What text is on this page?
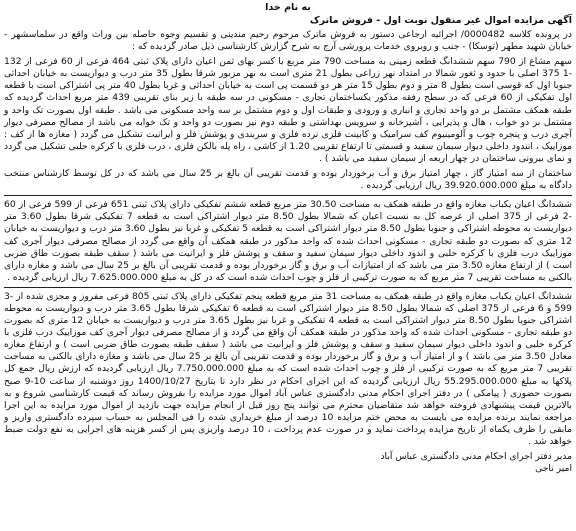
به نام خدا
آگهی مزایده اموال غیر منقول نوبت اول - فروش ماترک

در پرونده کلاسه 0000482/ اجرائیه ارجاعی دستور به فروش ماترک مرحوم رحیم مندینی و تقسیم وجوه حاصله بین وراث واقع در سلماسشهر - خیابان شهید مطهر (توسکا) - جنب و روبروی خدمات پرورشی آرج به شرح گزارش کارشناسی ذیل صادر گردیده که :

سهم مشاع از 790 سهم ششدانگ قطعه زمینی به مساحت 790 متر مربع با کسر بهای ثمن اعیان دارای پلاک ثبتی 464 فرعی از 60 فرعی از 132 -1 375 اصلی با حدود و ثغور شمالا در امتداد نهر زراعی بطول 21 متری است به نهر مزبور شرقا بطول 35 متر درب و دیواریست به خیابان احداثی جنوبا اول که قوسی است بطول 8 متر و دوم بطول 15 متر هر دو قسمت پی است به خیابان احداثی و غربا بطول 40 متر پی اشتراکی است با قطعه اول تفکیکی از 60 فرعی که در سطح رفقه مذکور یکساختمان تجاری - مسکونی در سه طبقه با زیر بنای تقریبی 439 متر مربع احداث گردیده که طبقه همکف مشتمل بر دو واحد تجاری و انباری و ورودی و طبقات اول و دوم مشتمل بر سه واحد مسکونی می باشد . طبقه اول بصورت تک واحد و مشتمل بر دو خواب ، هال و پذیرایی ، آشپزخانه و سرویس بهداشتی و طبقه دوم نیز بصورت دو واحد و تک خوابه می باشد از مصالح مصرفی دیوار آجری درب و پنجره چوب و آلومینیوم کف سرامیک و کابینت فلزی نرده فلزی و سربندی و پوشش فلز و ایرانیت تشکیل می گردد ( مغازه ها از کف : موزاییک ، انندود داخلی دیوار سیمان سفید و قسمتی تا ارتفاع تقریبی 1.20 از کاشی ، راه پله بالکن فلزی ، درب فلزی با کرکره حلبی تشکیل می گردد و نمای بیرونی ساختمان در چهار اربعه از سیمان سفید می باشد ) .

ساختمان از سه امتیاز گاز ، چهار امتیاز برق و آب برخوردار بوده و قدمت تقریبی آن بالغ بر 25 سال می باشد که در کل توسط کارشناس منتخب دادگاه به مبلغ 39.920.000.000 ریال ارزیابی گردیده .

ششدانگ اعیان یکباب مغازه واقع در طبقه همکف به مساحت 30.50 متر مربع قطعه ششم تفکیکی دارای پلاک ثبتی 651 فرعی از 599 فرعی از 60 -2 فرعی از 375 اصلی از عرصه کل به نسبت اعیان که شمالا بطول 8.50 متر دیوار اشتراکی است به قطعه 7 تفکیکی شرقا بطول 3.60 متر دیواریست به محوطه اشتراکی و جنوبا بطول 8.50 متر دیوار اشتراکی است به قطعه 5 تفکیکی و غربا نیز بطول 3.60 متر درب و دیواریست به خیابان 12 متری که بصورت دو طبقه تجاری - مسکونی احداث شده که واحد مذکور در طبقه همکف آن واقع می گردد از مصالح مصرفی دیوار آجری کف موزاییک درب فلزی با کرکره حلبی و اندود داخلی دیوار سیمان سفید و سقف و پوشش فلز و ایرانیت می باشد ( سقف طبقه بصورت طاق ضربی است ) از ارتفاع مغازه 3.50 متر می باشد که از امتیازات آب و برق و گاز برخوردار بوده و قدمت تقریبی آن بالغ بر 25 سال می باشد و مغازه دارای بالکنی به مساحت تقریبی 7 متر مربع که به صورت ترکیبی از فلز و چوب احداث شده است که در کل به مبلغ 7.625.000.000 ریال ارزیابی گردیده .

ششدانگ اعیان یکباب مغازه واقع در طبقه همکف به مساحت 31 متر مربع قطعه پنجم تفکیکی دارای پلاک ثبتی 805 فرعی مفروز و مجزی شده از -3 599 و 6 فرعی از 375 اصلی که شمالا بطول 8.50 متر دیوار اشتراکی است به قطعه 6 تفکیکی شرقا بطول 3.65 متر درب و دیواریست به محوطه اشتراکی جنوبا بطول 8.50 متر دیوار اشتراکی است به قطعه 4 تفکیکی و غربا نیز بطول 3.65 متر درب و دیواریست به خیابان 12 متری که بصورت دو طبقه تجاری - مسکونی احداث شده که واحد مذکور در طبقه همکف آن واقع می گردد و از مصالح مصرفی دیوار آجری کف موزاییک درب فلزی با کرکره حلبی و اندود داخلی دیوار سیمان سفید و سقف و پوشش فلز و ایرانیت می باشد ( سقف طبقه بصورت طاق ضربی است ) و ارتفاع مغازه معادل 3.50 متر می باشد ) و از امتیاز آب و برق و گاز برخوردار بوده و قدمت تقریبی آن بالغ بر 25 سال می باشد و مغازه دارای بالکنی به مساحت تقریبی 7 متر مربع که به صورت ترکیبی از فلز و چوب احداث شده است که به مبلغ 7.750.000.000 ریال ارزیابی گردیده که ارزش ریال جمع کل پلاکها به مبلغ 55.295.000.000 ریال ارزیابی گردیده که این اجرای احکام در نظر دارد تا بتاریخ 1400/10/27 روز دوشنبه از ساعت 10-9 صبح بصورت حضوری ( پیامکی ) در دفتر اجرای احکام مدنی دادگستری عباس آباد اموال مورد مزایده را بفروش رساند که قیمت کارشناسی شروع و به بالاترین قیمت پیشنهادی فروخته خواهد شد متقاضیان محترم می توانند پنج روز قبل از انجام مزایده جهت بازدید از اموال مورد مزایده به این اجرا مراجعه نمایند برنده مزایده می بایست به محض ختم مزایده 10 درصد از مبلغ خریداری شده را فی المجلس به حساب سپرده دادگستری واریز و مابقی را ظرف یکماه از تاریخ مزایده پرداخت نماید و در صورت عدم پرداخت ، 10 درصد واریزی پس از کسر هزینه های اجرایی به نفع دولت ضبط خواهد شد .

مدیر دفتر اجرای احکام مدنی دادگستری عباس آباد
امیر ناجی
